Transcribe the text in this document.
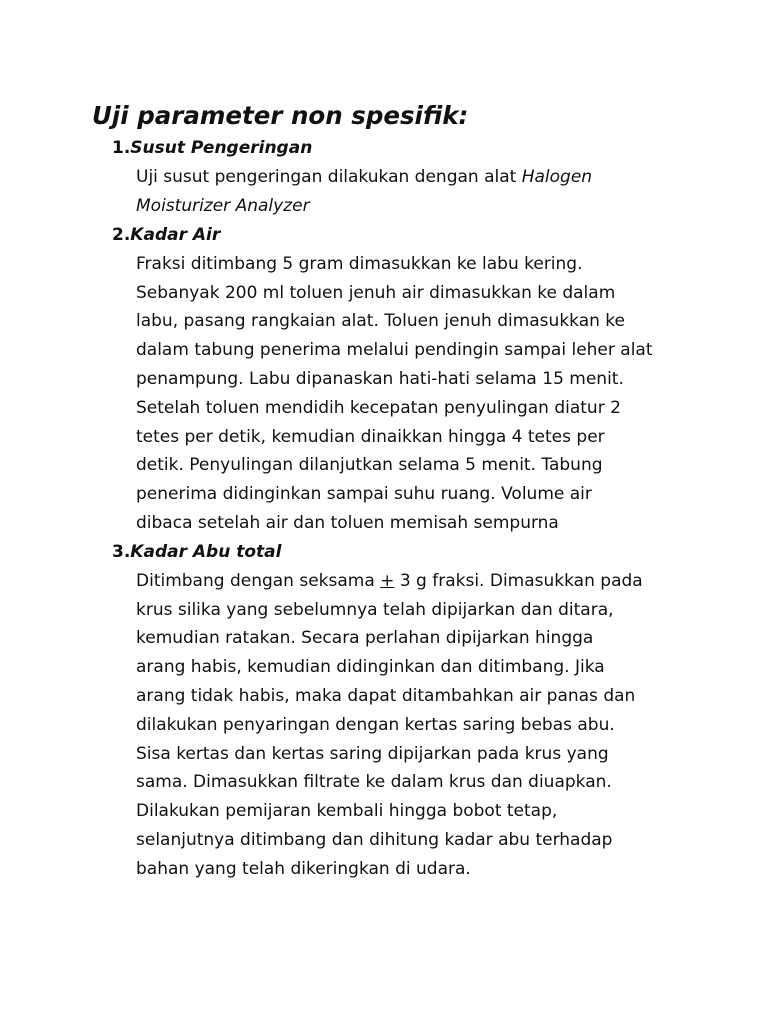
Uji parameter non spesifik:
1.Susut Pengeringan
Uji susut pengeringan dilakukan dengan alat Halogen
Moisturizer Analyzer
2.Kadar Air
Fraksi ditimbang 5 gram dimasukkan ke labu kering.
Sebanyak 200 ml toluen jenuh air dimasukkan ke dalam
labu, pasang rangkaian alat. Toluen jenuh dimasukkan ke
dalam tabung penerima melalui pendingin sampai leher alat
penampung. Labu dipanaskan hati-hati selama 15 menit.
Setelah toluen mendidih kecepatan penyulingan diatur 2
tetes per detik, kemudian dinaikkan hingga 4 tetes per
detik. Penyulingan dilanjutkan selama 5 menit. Tabung
penerima didinginkan sampai suhu ruang. Volume air
dibaca setelah air dan toluen memisah sempurna
3.Kadar Abu total
Ditimbang dengan seksama + 3 g fraksi. Dimasukkan pada
krus silika yang sebelumnya telah dipijarkan dan ditara,
kemudian ratakan. Secara perlahan dipijarkan hingga
arang habis, kemudian didinginkan dan ditimbang. Jika
arang tidak habis, maka dapat ditambahkan air panas dan
dilakukan penyaringan dengan kertas saring bebas abu.
Sisa kertas dan kertas saring dipijarkan pada krus yang
sama. Dimasukkan filtrate ke dalam krus dan diuapkan.
Dilakukan pemijaran kembali hingga bobot tetap,
selanjutnya ditimbang dan dihitung kadar abu terhadap
bahan yang telah dikeringkan di udara.
